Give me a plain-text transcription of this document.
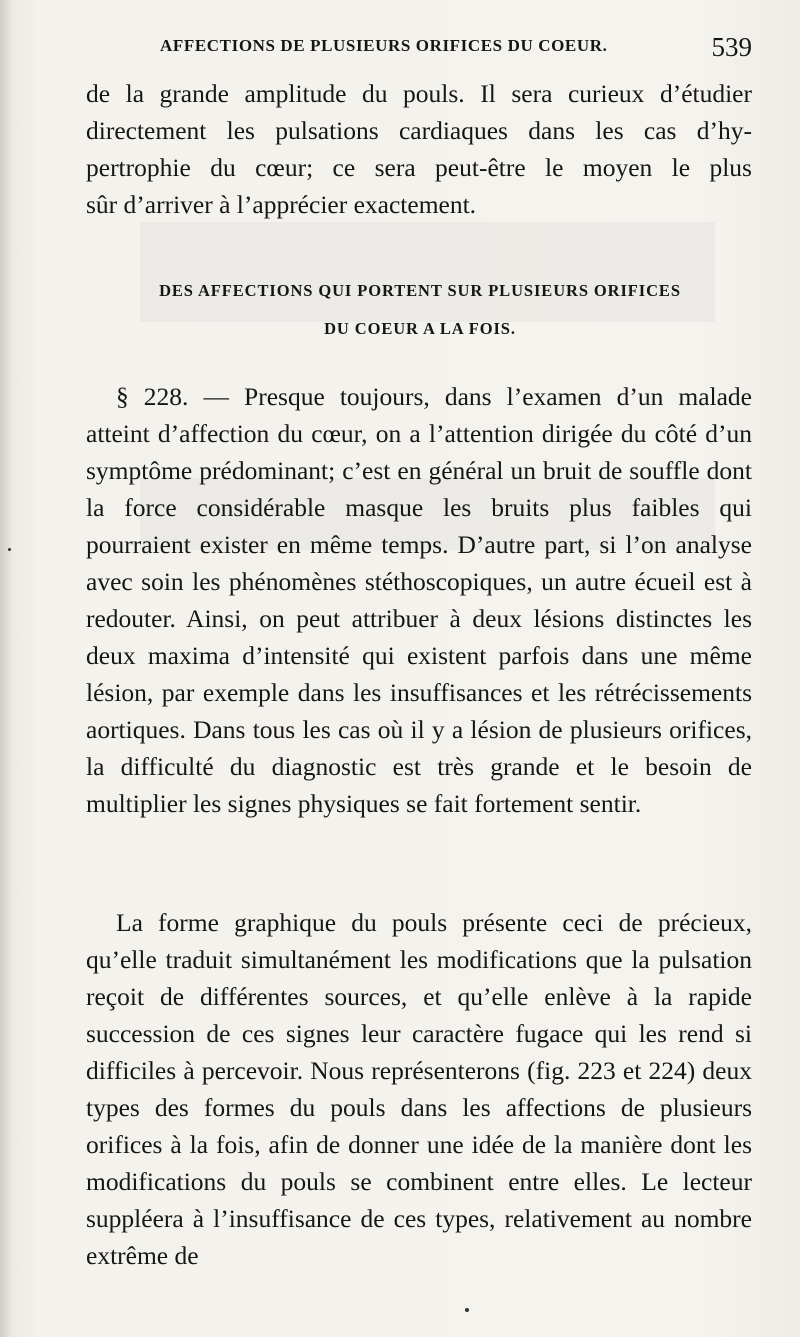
AFFECTIONS DE PLUSIEURS ORIFICES DU COEUR.	539

de la grande amplitude du pouls. Il sera curieux d’étudier

directement les pulsations cardiaques dans les cas d’hy-

pertrophie du cœur; ce sera peut-être le moyen le plus

sûr d’arriver à l’apprécier exactement.

DES AFFECTIONS QUI PORTENT SUR PLUSIEURS ORIFICES
DU COEUR A LA FOIS.

§ 228. — Presque toujours, dans l’examen d’un malade atteint d’affection du cœur, on a l’attention dirigée du côté d’un symptôme prédominant; c’est en général un bruit de souffle dont la force considérable masque les bruits plus faibles qui pourraient exister en même temps. D’autre part, si l’on analyse avec soin les phénomènes stéthoscopiques, un autre écueil est à redouter. Ainsi, on peut attribuer à deux lésions distinctes les deux maxima d’intensité qui existent parfois dans une même lésion, par exemple dans les insuffisances et les rétrécissements aortiques. Dans tous les cas où il y a lésion de plusieurs orifices, la difficulté du diagnostic est très grande et le besoin de multiplier les signes physiques se fait fortement sentir.

La forme graphique du pouls présente ceci de précieux, qu’elle traduit simultanément les modifications que la pulsation reçoit de différentes sources, et qu’elle enlève à la rapide succession de ces signes leur caractère fugace qui les rend si difficiles à percevoir. Nous représenterons (fig. 223 et 224) deux types des formes du pouls dans les affections de plusieurs orifices à la fois, afin de donner une idée de la manière dont les modifications du pouls se combinent entre elles. Le lecteur suppléera à l’insuffisance de ces types, relativement au nombre extrême de
